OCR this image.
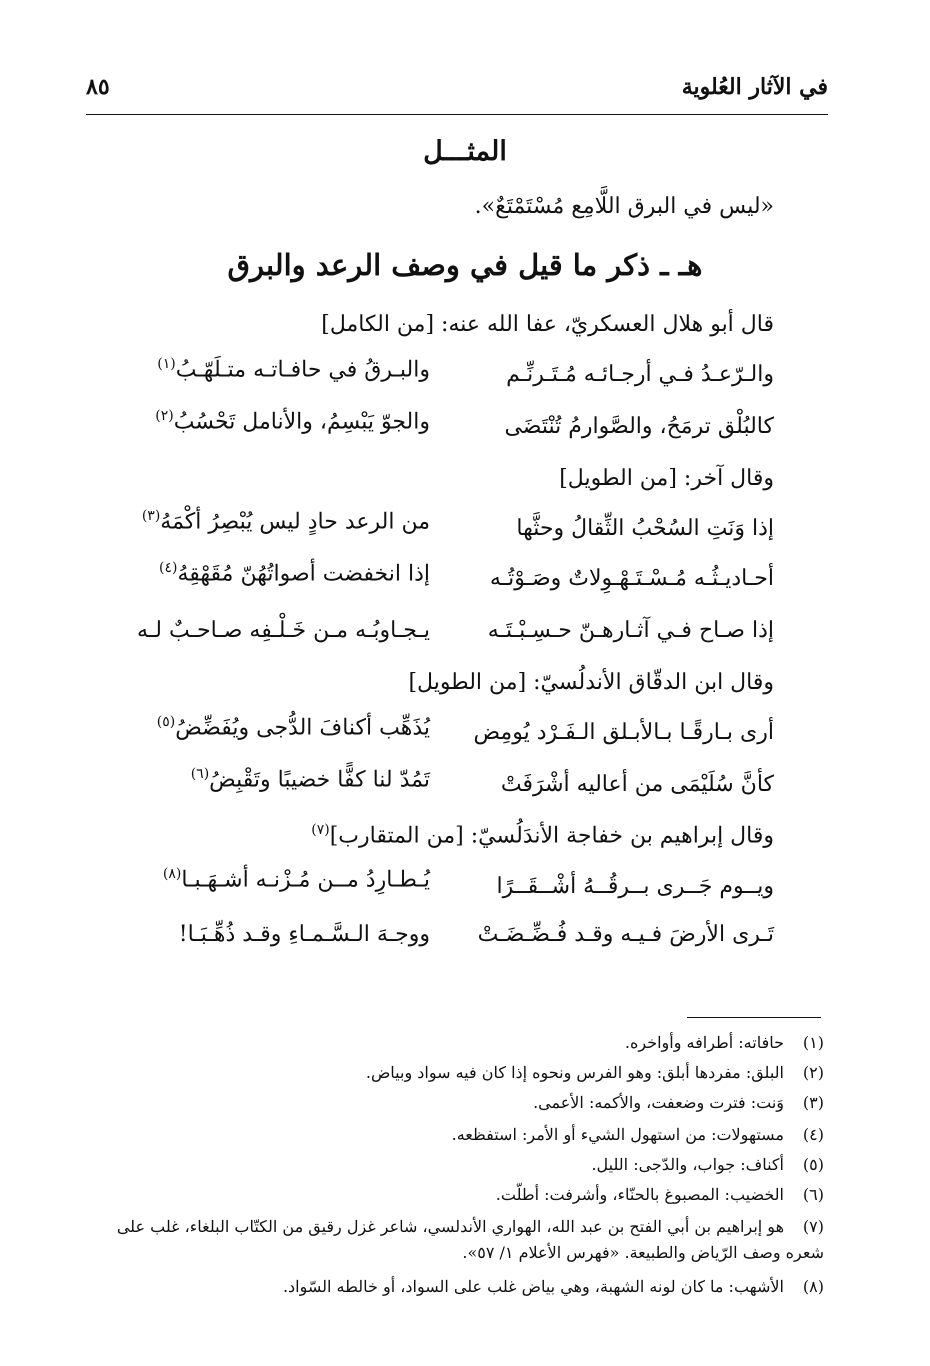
في الآثار العُلوية
٨٥
المثـــل
«ليس في البرق اللَّامِع مُسْتَمْتَعٌ».
هـ ـ ذكر ما قيل في وصف الرعد والبرق
قال أبو هلال العسكريّ، عفا الله عنه: [من الكامل]
والـرّعـدُ فـي أرجـائـه مُـتَـرنِّـم
والبـرقُ في حافـاتـه متـلَهّـبُ$^{(١)}$
كالبُلْق ترمَحُ، والصَّوارمُ تُنْتَضَى
والجوّ يَبْسِمُ، والأنامل تَحْسُبُ$^{(٢)}$
وقال آخر: [من الطويل]
إذا وَنَتِ السُحْبُ الثِّقالُ وحثَّها
من الرعد حادٍ ليس يُبْصِرُ أكْمَهُ$^{(٣)}$
أحـاديـثُـه مُـسْـتَـهْـوِلاتٌ وصَـوْتُـه
إذا انخفضت أصواتُهُنّ مُقَهْقِهُ$^{(٤)}$
إذا صـاح فـي آثـارهـنّ حـسِـبْـتَـه
يـجـاوبُـه مـن خَـلْـفِه صـاحـبٌ لـه
وقال ابن الدقّاق الأندلُسيّ: [من الطويل]
أرى بـارقًـا بـالأبـلق الـفَـرْد يُومِض
يُذَهِّب أكنافَ الدُّجى ويُفَضِّضُ$^{(٥)}$
كأنَّ سُلَيْمَى من أعاليه أشْرَفَتْ
تَمُدّ لنا كفًّا خضيبًا وتَقْبِضُ$^{(٦)}$
وقال إبراهيم بن خفاجة الأندَلُسيّ: [من المتقارب]$^{(٧)}$
ويــوم جَــرى بــرقُــهُ أشْــقَــرًا
يُـطـارِدُ مــن مُـزْنـه أشـهَـبـا$^{(٨)}$
تَـرى الأرضَ فـيـه وقـد فُـضِّـضَـتْ
ووجـهَ الـسَّـمـاءِ وقـد ذُهِّـبَـا!
(١)حافاته: أطرافه وأواخره.
(٢)البلق: مفردها أبلق: وهو الفرس ونحوه إذا كان فيه سواد وبياض.
(٣)وَنت: فترت وضعفت، والأكمه: الأعمى.
(٤)مستهولات: من استهول الشيء أو الأمر: استفظعه.
(٥)أكناف: جواب، والدّجى: الليل.
(٦)الخضيب: المصبوغ بالحنّاء، وأشرفت: أطلّت.
(٧)هو إبراهيم بن أبي الفتح بن عبد الله، الهواري الأندلسي، شاعر غزل رقيق من الكتّاب البلغاء، غلب على شعره وصف الرّياض والطبيعة. «فهرس الأعلام ١/ ٥٧».
(٨)الأشهب: ما كان لونه الشهبة، وهي بياض غلب على السواد، أو خالطه السّواد.
